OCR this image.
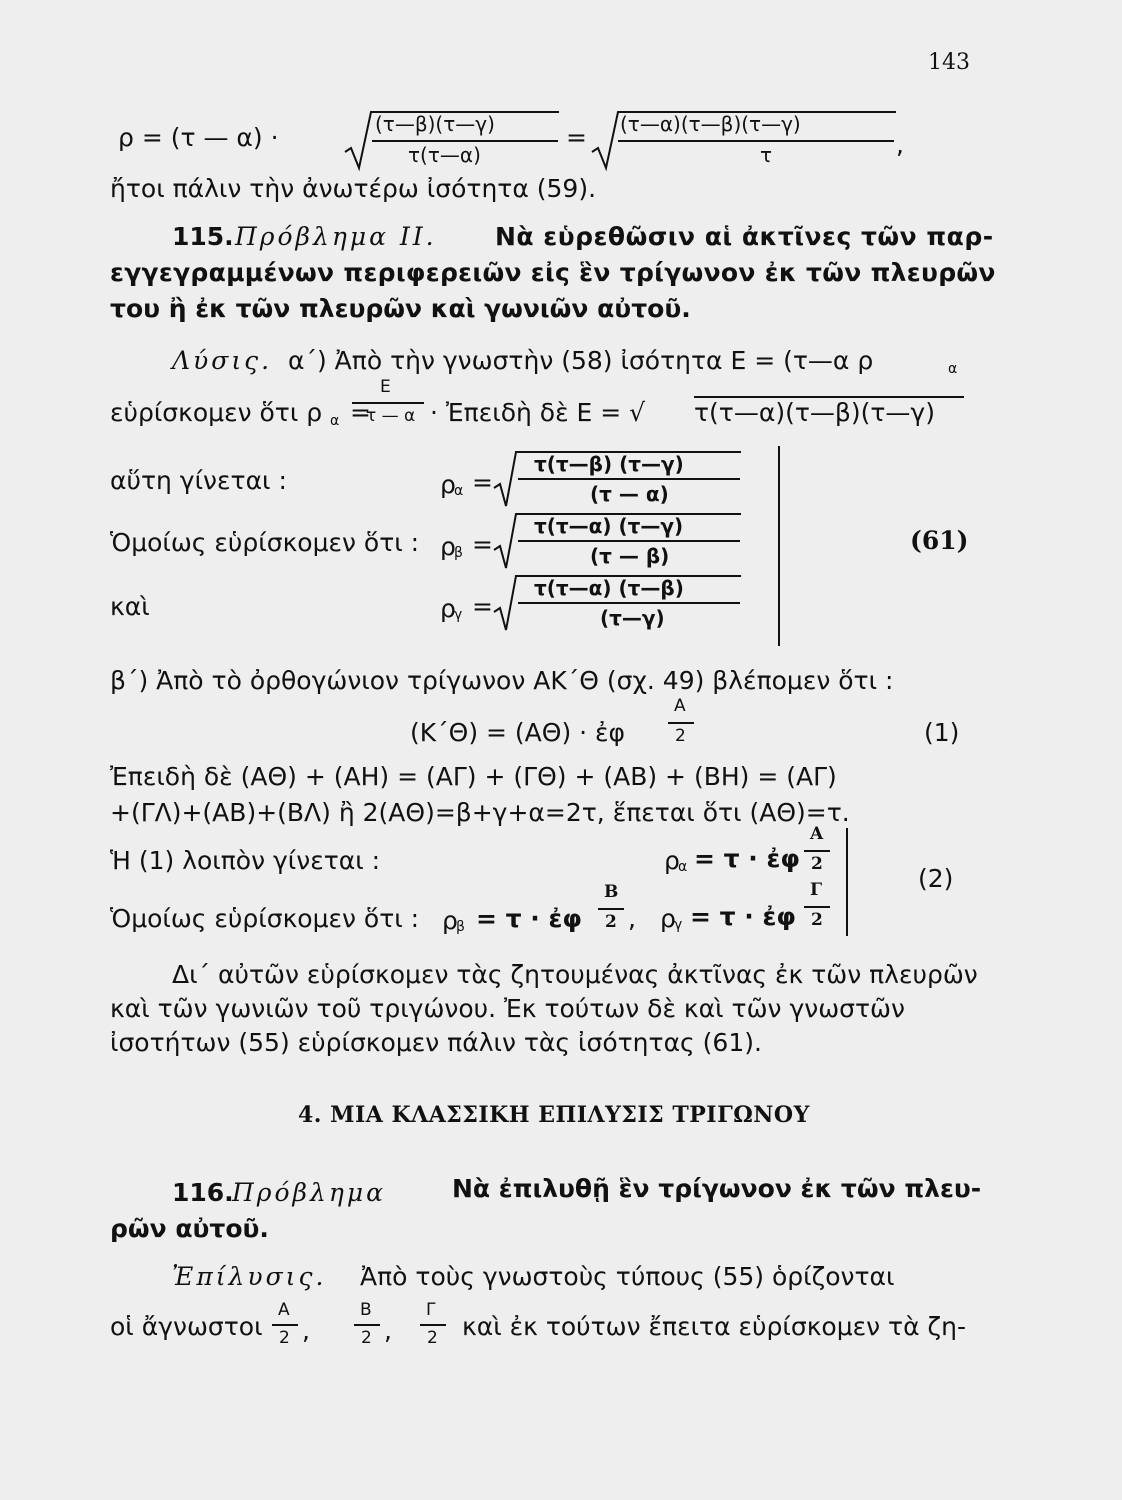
143
ρ = (τ — α) ·	(τ—β)(τ—γ)
τ(τ—α)
= (τ—α)(τ—β)(τ—γ)
τ	,
ἤτοι πάλιν τὴν ἀνωτέρω ἰσότητα (59).
115. Πρόβλημα ΙΙ. Νὰ εὑρεθῶσιν αἱ ἀκτῖνες τῶν παρ-
εγγεγραμμένων περιφερειῶν εἰς ἓν τρίγωνον ἐκ τῶν πλευρῶν
του ἢ ἐκ τῶν πλευρῶν καὶ γωνιῶν αὐτοῦ.
Λύσις. α΄) Ἀπὸ τὴν γνωστὴν (58) ἰσότητα Ε = (τ—α ρ	α
εὑρίσκομεν ὅτι ρ α =
Ε
τ — α · Ἐπειδὴ δὲ Ε = √ τ(τ—α)(τ—β)(τ—γ)
αὕτη γίνεται :	ρ
α =
τ(τ—β) (τ—γ)
(τ — α)
Ὁμοίως εὑρίσκομεν ὅτι : ρ
β =
τ(τ—α) (τ—γ)
(τ — β)
καὶ	ρ
γ =
τ(τ—α) (τ—β)
(τ—γ)
(61)
β΄) Ἀπὸ τὸ ὀρθογώνιον τρίγωνον ΑΚ΄Θ (σχ. 49) βλέπομεν ὅτι :
(Κ΄Θ) = (ΑΘ) · ἐφ
Α
2	(1)
Ἐπειδὴ δὲ (ΑΘ) + (ΑΗ) = (ΑΓ) + (ΓΘ) + (ΑΒ) + (ΒΗ) = (ΑΓ)
+(ΓΛ)+(ΑΒ)+(ΒΛ) ἢ 2(ΑΘ)=β+γ+α=2τ, ἕπεται ὅτι (ΑΘ)=τ.
Ἡ (1) λοιπὸν γίνεται :	ρ
α = τ · ἐφ
Α
2
Ὁμοίως εὑρίσκομεν ὅτι : ρ
β = τ · ἐφ
Β
2 , ρ
γ = τ · ἐφ
Γ
2
(2)
Δι΄ αὐτῶν εὑρίσκομεν τὰς ζητουμένας ἀκτῖνας ἐκ τῶν πλευρῶν
καὶ τῶν γωνιῶν τοῦ τριγώνου. Ἐκ τούτων δὲ καὶ τῶν γνωστῶν
ἰσοτήτων (55) εὑρίσκομεν πάλιν τὰς ἰσότητας (61).
4. ΜΙΑ ΚΛΑΣΣΙΚΗ ΕΠΙΛΥΣΙΣ ΤΡΙΓΩΝΟΥ
116.
Πρόβλημα	Νὰ ἐπιλυθῇ ἓν τρίγωνον ἐκ τῶν πλευ-
ρῶν αὐτοῦ.
Ἐπίλυσις. Ἀπὸ τοὺς γνωστοὺς τύπους (55) ὁρίζονται
οἱ ἄγνωστοι
Α
2 ,
Β
2 ,
Γ
2 καὶ ἐκ τούτων ἔπειτα εὑρίσκομεν τὰ ζη-
